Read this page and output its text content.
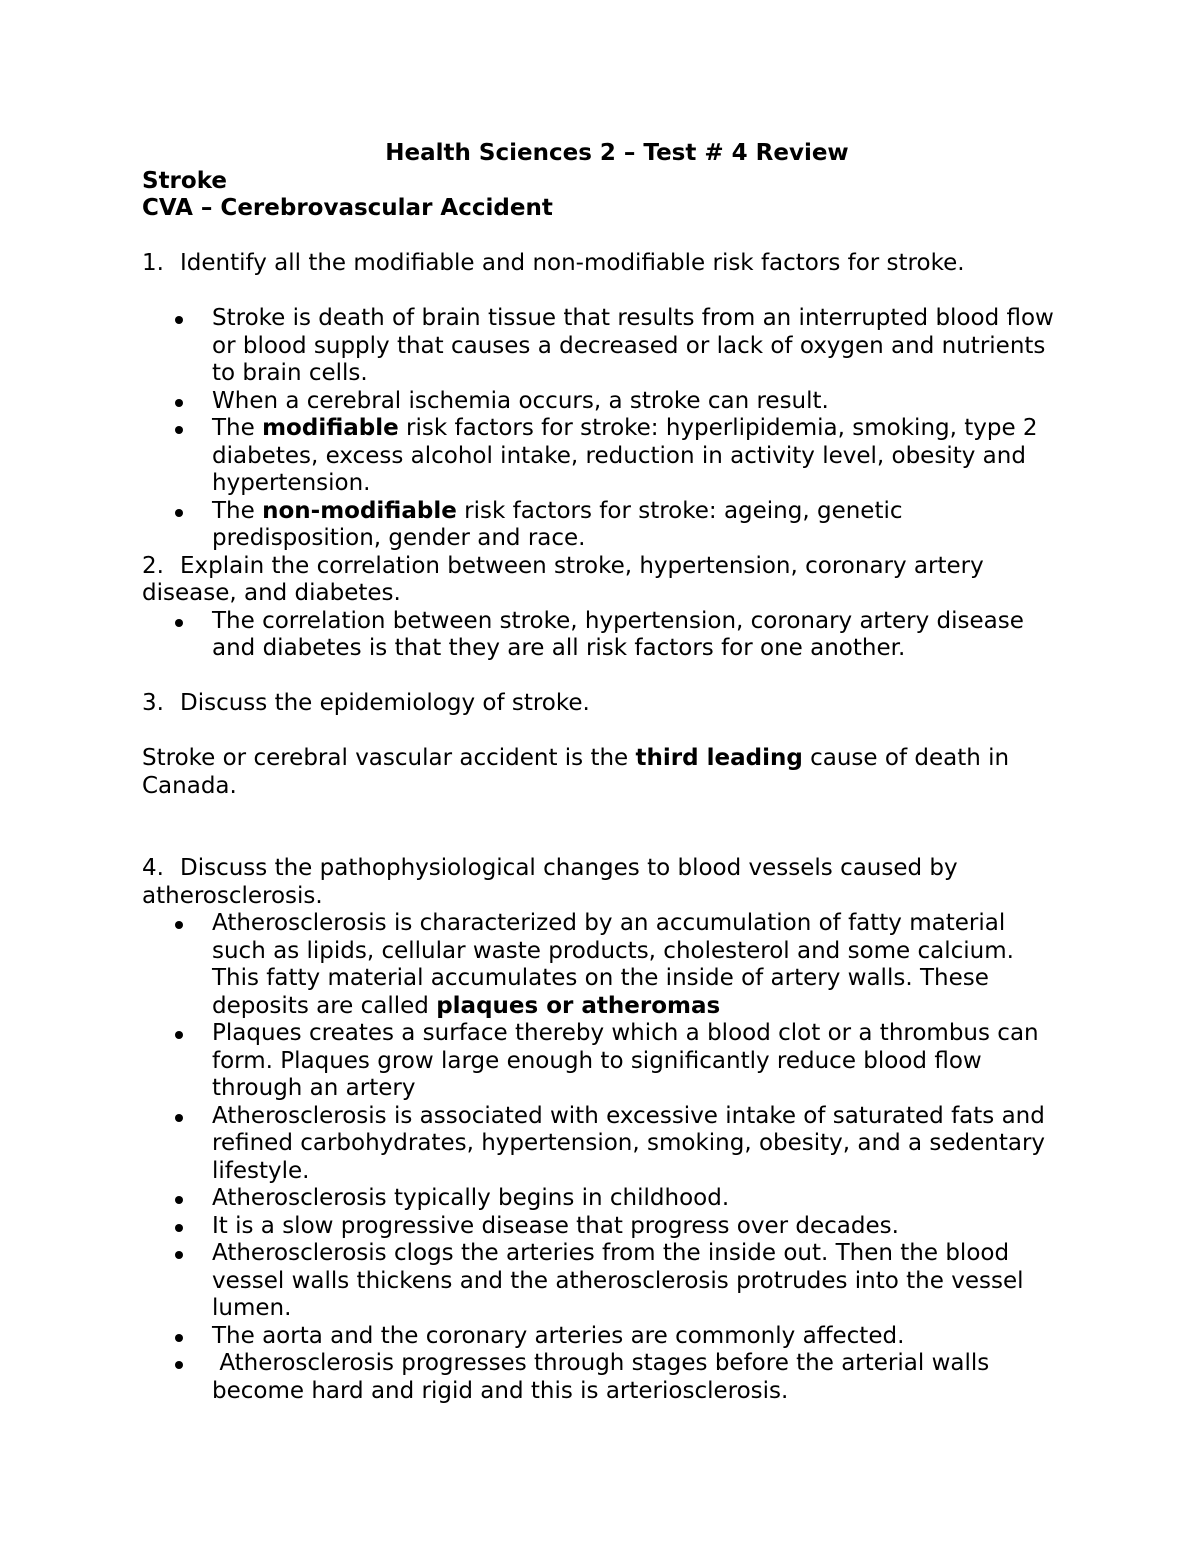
Health Sciences 2 – Test # 4 Review

Stroke

CVA – Cerebrovascular Accident

1. Identify all the modifiable and non-modifiable risk factors for stroke.

Stroke is death of brain tissue that results from an interrupted blood flow or blood supply that causes a decreased or lack of oxygen and nutrients to brain cells.
When a cerebral ischemia occurs, a stroke can result.
The modifiable risk factors for stroke: hyperlipidemia, smoking, type 2 diabetes, excess alcohol intake, reduction in activity level, obesity and hypertension.
The non-modifiable risk factors for stroke: ageing, genetic predisposition, gender and race.

2. Explain the correlation between stroke, hypertension, coronary artery disease, and diabetes.

The correlation between stroke, hypertension, coronary artery disease and diabetes is that they are all risk factors for one another.

3. Discuss the epidemiology of stroke.

Stroke or cerebral vascular accident is the third leading cause of death in Canada.

4. Discuss the pathophysiological changes to blood vessels caused by atherosclerosis.

Atherosclerosis is characterized by an accumulation of fatty material such as lipids, cellular waste products, cholesterol and some calcium. This fatty material accumulates on the inside of artery walls. These deposits are called plaques or atheromas
Plaques creates a surface thereby which a blood clot or a thrombus can form. Plaques grow large enough to significantly reduce blood flow through an artery
Atherosclerosis is associated with excessive intake of saturated fats and refined carbohydrates, hypertension, smoking, obesity, and a sedentary lifestyle.
Atherosclerosis typically begins in childhood.
It is a slow progressive disease that progress over decades.
Atherosclerosis clogs the arteries from the inside out. Then the blood vessel walls thickens and the atherosclerosis protrudes into the vessel lumen.
The aorta and the coronary arteries are commonly affected.
Atherosclerosis progresses through stages before the arterial walls become hard and rigid and this is arteriosclerosis.
